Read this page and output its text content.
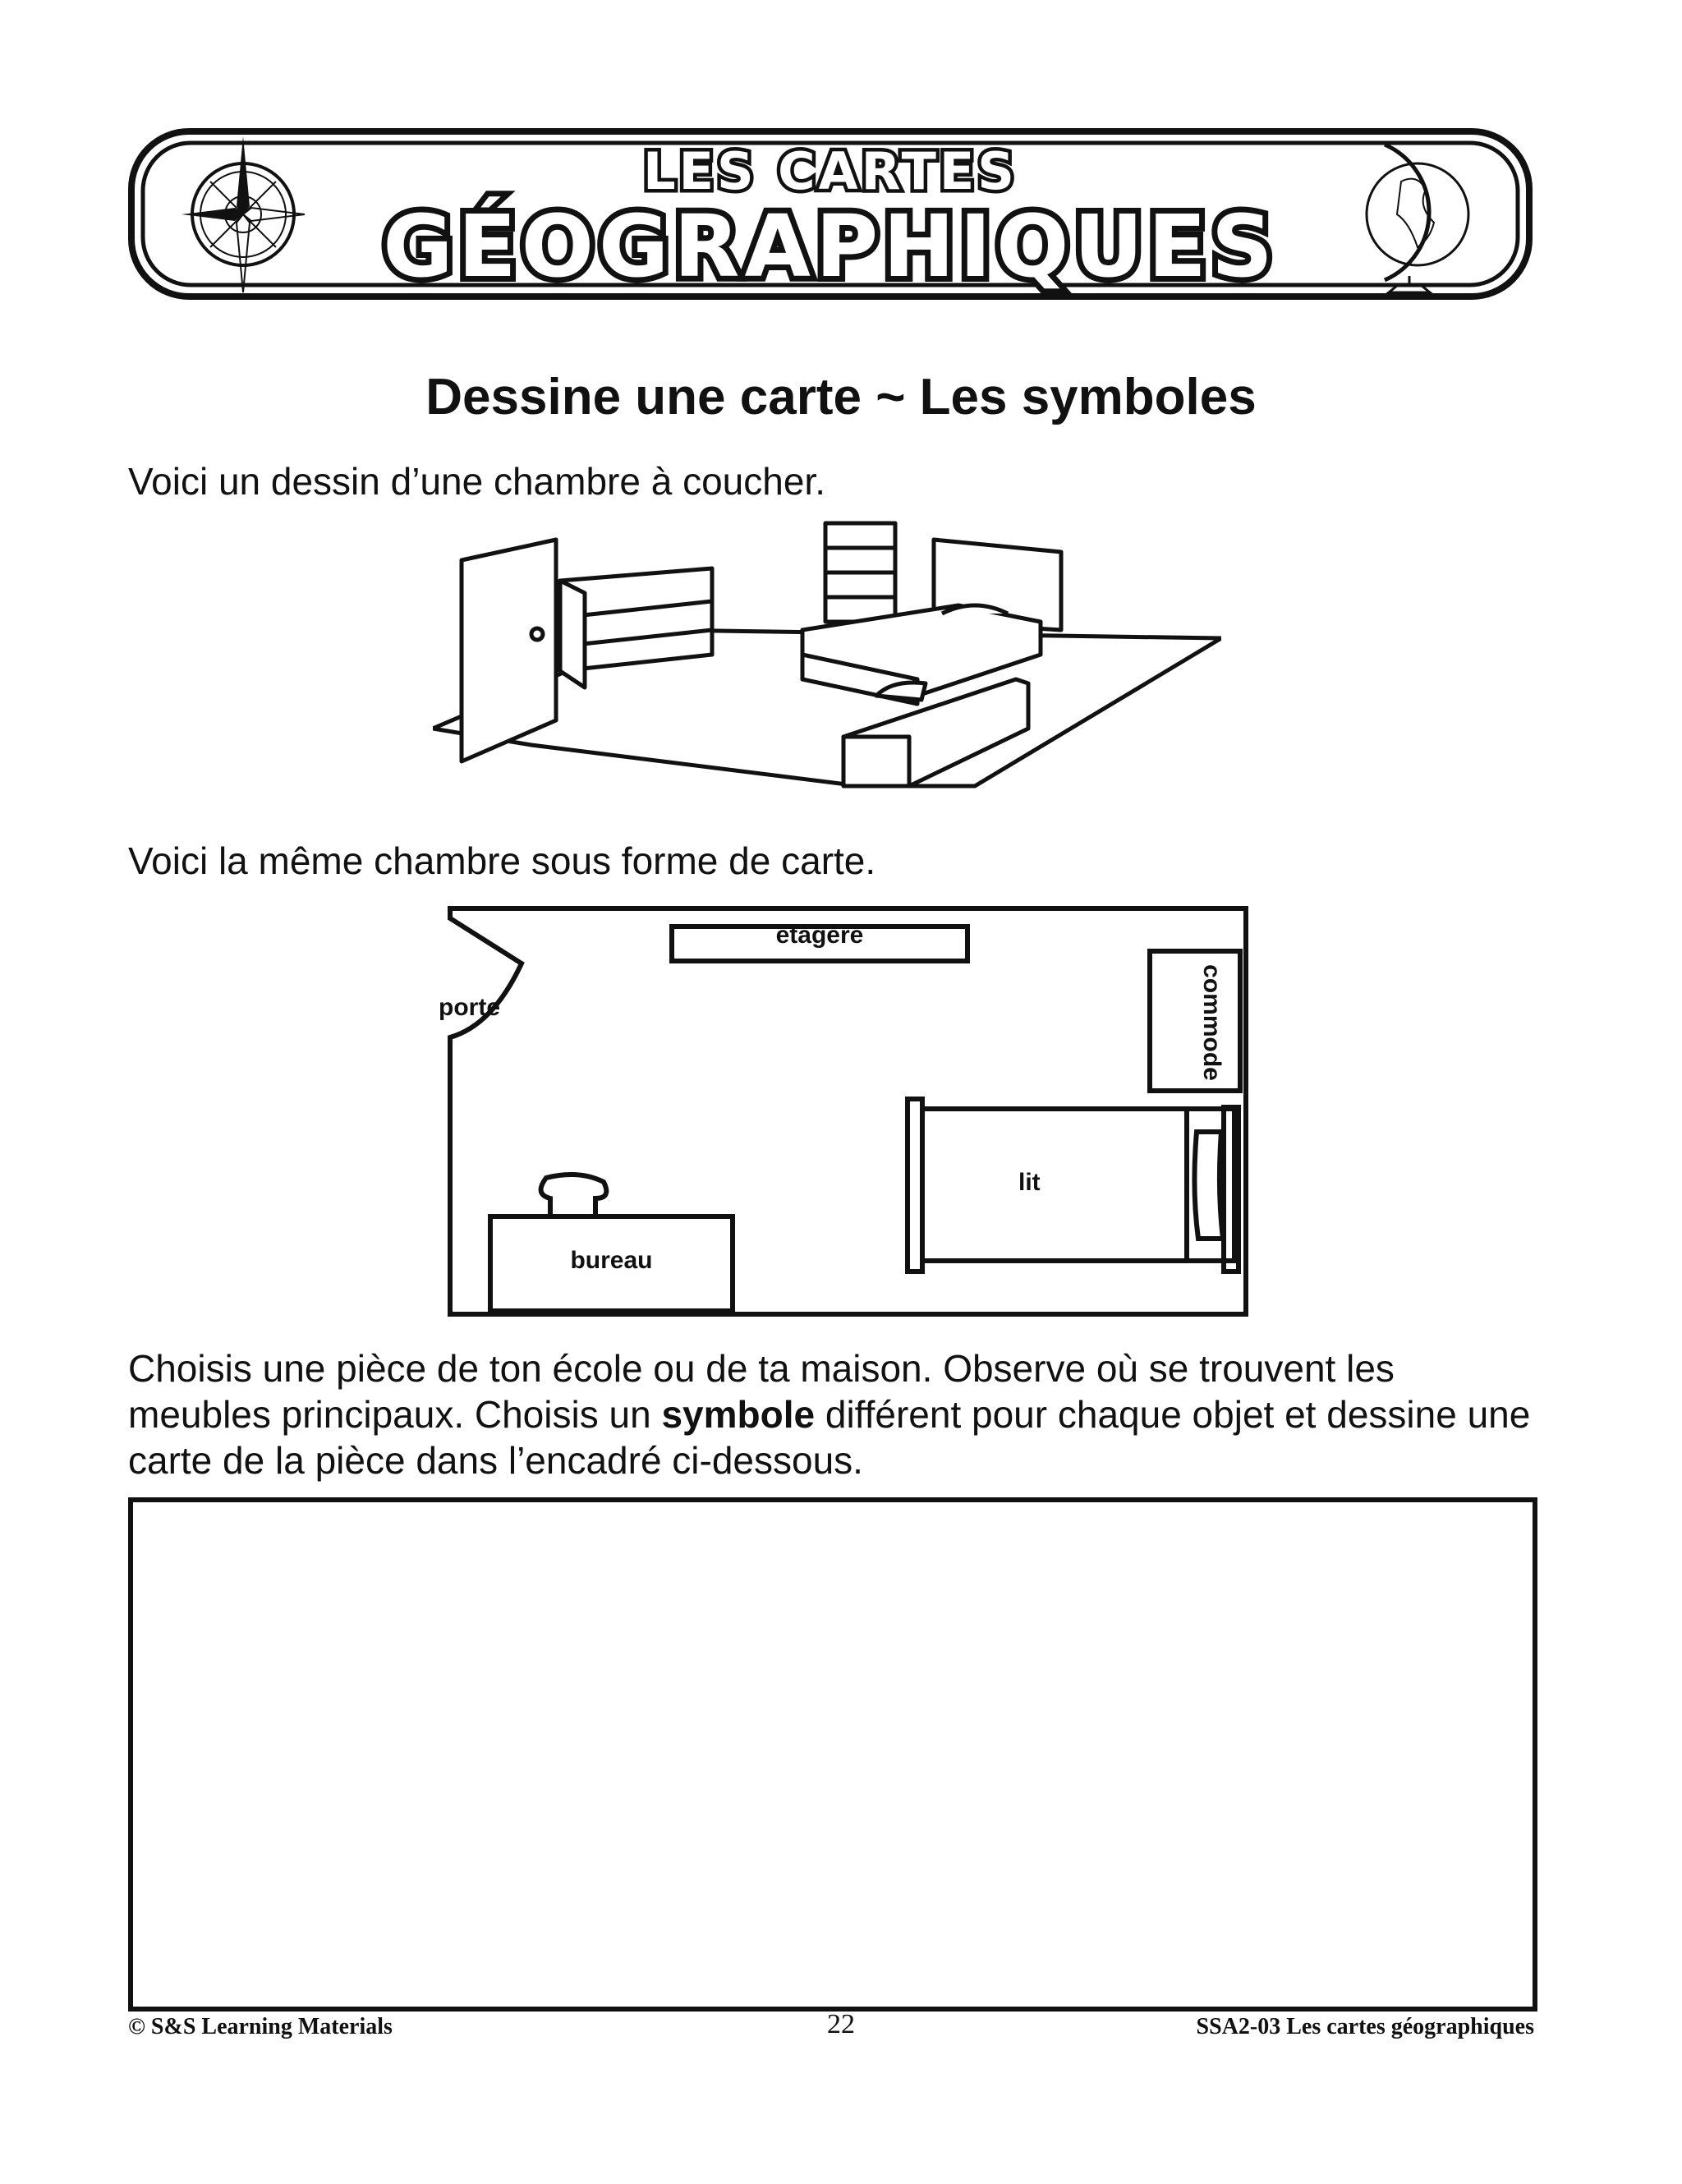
LES CARTES
GÉOGRAPHIQUES
Dessine une carte ~ Les symboles
Voici un dessin d’une chambre à coucher.
Voici la même chambre sous forme de carte.
étagère
porte	commode
lit
bureau
Choisis une pièce de ton école ou de ta maison. Observe où se trouvent les meubles principaux. Choisis un symbole différent pour chaque objet et dessine une carte de la pièce dans l’encadré ci-dessous.
© S&S Learning Materials	22	SSA2-03 Les cartes géographiques
